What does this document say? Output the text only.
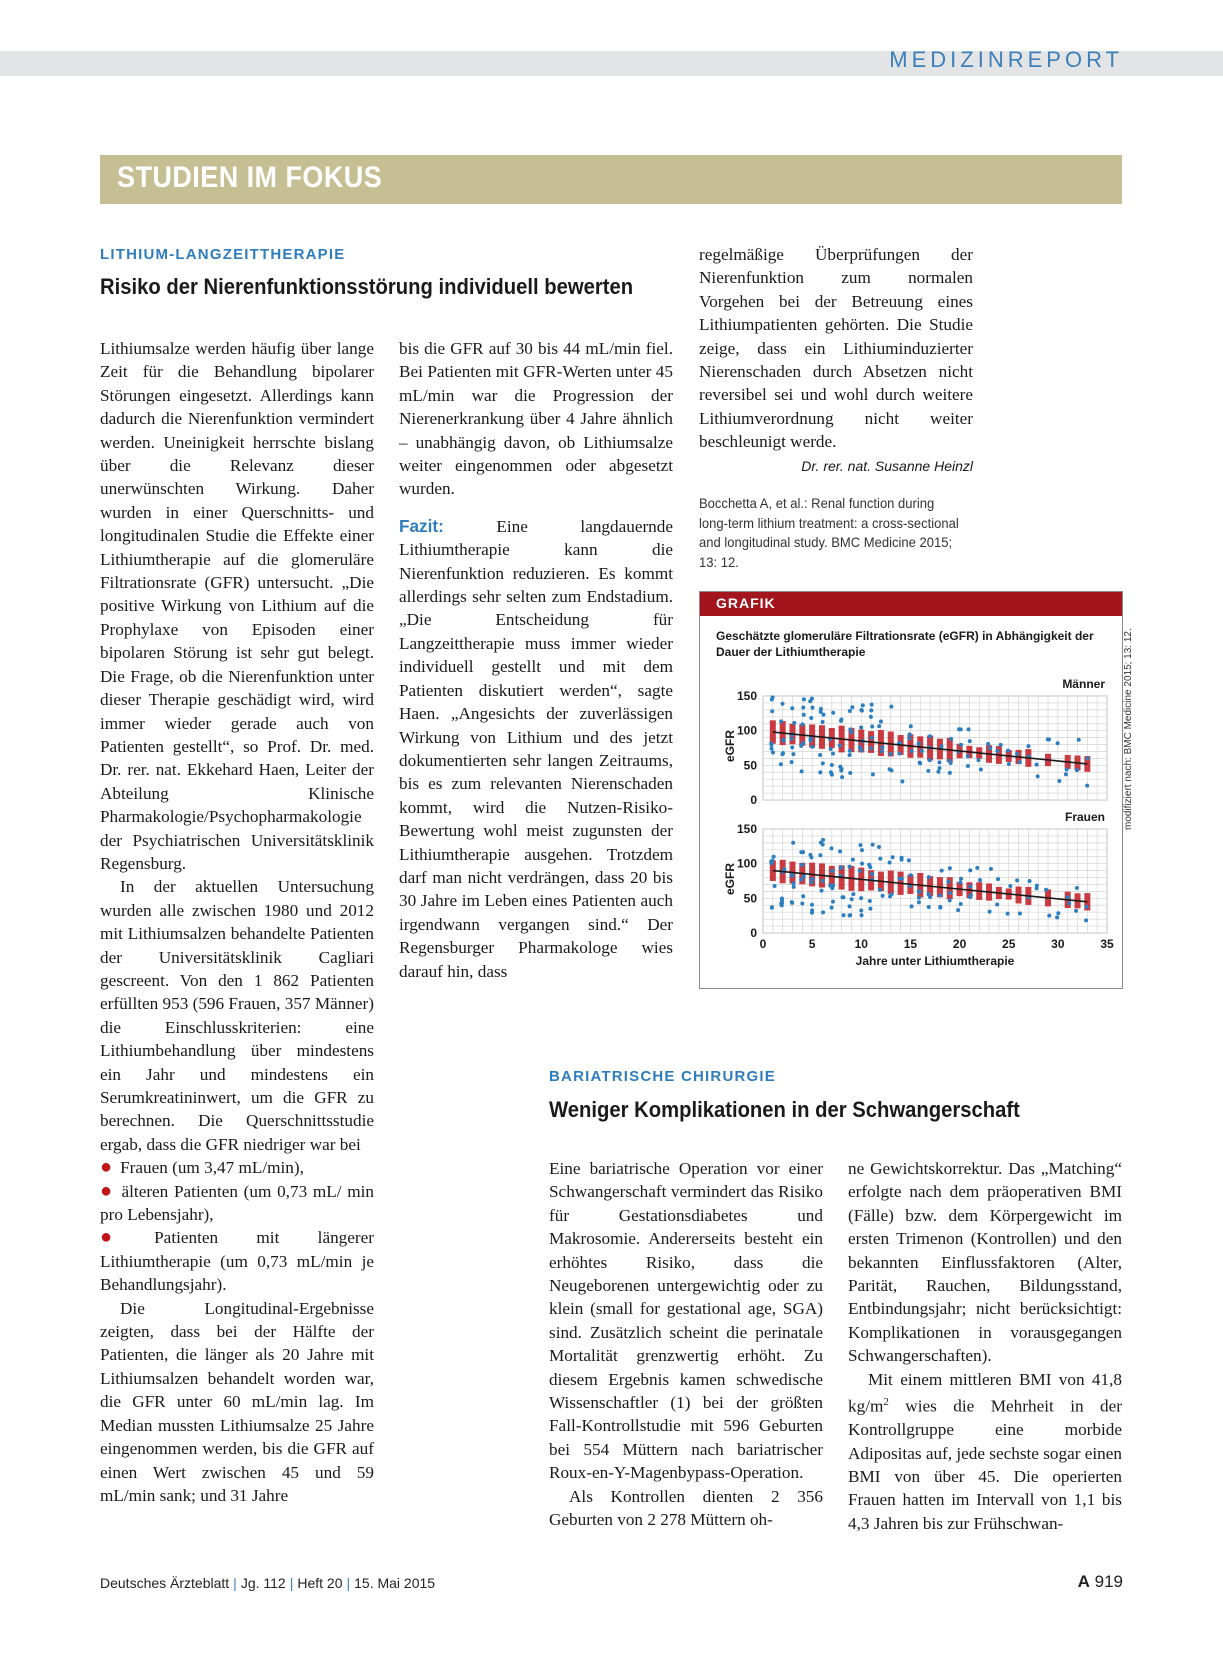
MEDIZINREPORT
STUDIEN IM FOKUS
LITHIUM-LANGZEITTHERAPIE
Risiko der Nierenfunktionsstörung individuell bewerten

Lithiumsalze werden häufig über lange Zeit für die Behandlung bipolarer Störungen eingesetzt. Allerdings kann dadurch die Nierenfunktion vermindert werden. Uneinigkeit herrschte bislang über die Relevanz dieser unerwünschten Wirkung. Daher wurden in einer Querschnitts- und longitudinalen Studie die Effekte einer Lithiumtherapie auf die glomeruläre Filtrationsrate (GFR) untersucht. „Die positive Wirkung von Lithium auf die Prophylaxe von Episoden einer bipolaren Störung ist sehr gut belegt. Die Frage, ob die Nierenfunktion unter dieser Therapie geschädigt wird, wird immer wieder gerade auch von Patienten gestellt“, so Prof. Dr. med. Dr. rer. nat. Ekkehard Haen, Leiter der Abteilung Klinische Pharmakologie/Psychopharmakologie der Psychiatrischen Universitätsklinik Regensburg.

In der aktuellen Untersuchung wurden alle zwischen 1980 und 2012 mit Lithiumsalzen behandelte Patienten der Universitätsklinik Cagliari gescreent. Von den 1 862 Patienten erfüllten 953 (596 Frauen, 357 Männer) die Einschlusskriterien: eine Lithiumbehandlung über mindestens ein Jahr und mindestens ein Serumkreatininwert, um die GFR zu berechnen. Die Querschnittsstudie ergab, dass die GFR niedriger war bei

● Frauen (um 3,47 mL/min),

● älteren Patienten (um 0,73 mL/ min pro Lebensjahr),

● Patienten mit längerer Lithiumtherapie (um 0,73 mL/min je Behandlungsjahr).

Die Longitudinal-Ergebnisse zeigten, dass bei der Hälfte der Patienten, die länger als 20 Jahre mit Lithiumsalzen behandelt worden war, die GFR unter 60 mL/min lag. Im Median mussten Lithiumsalze 25 Jahre eingenommen werden, bis die GFR auf einen Wert zwischen 45 und 59 mL/min sank; und 31 Jahre

bis die GFR auf 30 bis 44 mL/min fiel. Bei Patienten mit GFR-Werten unter 45 mL/min war die Progression der Nierenerkrankung über 4 Jahre ähnlich – unabhängig davon, ob Lithiumsalze weiter eingenommen oder abgesetzt wurden.

Fazit:	Eine langdauernde Lithiumtherapie kann die Nierenfunktion reduzieren. Es kommt allerdings sehr selten zum Endstadium. „Die Entscheidung für Langzeittherapie muss immer wieder individuell gestellt und mit dem Patienten diskutiert werden“, sagte Haen. „Angesichts der zuverlässigen Wirkung von Lithium und des jetzt dokumentierten sehr langen Zeitraums, bis es zum relevanten Nierenschaden kommt, wird die Nutzen-Risiko-Bewertung wohl meist zugunsten der Lithiumtherapie ausgehen. Trotzdem darf man nicht verdrängen, dass 20 bis 30 Jahre im Leben eines Patienten auch irgendwann vergangen sind.“ Der Regensburger Pharmakologe wies darauf hin, dass

regelmäßige Überprüfungen der Nierenfunktion zum normalen Vorgehen bei der Betreuung eines Lithiumpatienten gehörten. Die Studie zeige, dass ein Lithiuminduzierter Nierenschaden durch Absetzen nicht reversibel sei und wohl durch weitere Lithiumverordnung nicht weiter beschleunigt werde.

Dr. rer. nat. Susanne Heinzl
Bocchetta A, et al.: Renal function during long-term lithium treatment: a cross-sectional and longitudinal study. BMC Medicine 2015; 13: 12.
0
50
100
150
eGFR
Männer
0
50
100
150
eGFR
Frauen
0	5	10	15	20	25	30	35
Jahre unter Lithiumtherapie
GRAFIK
Geschätzte glomeruläre Filtrationsrate (eGFR) in Abhängigkeit der Dauer der Lithiumtherapie	modifiziert nach: BMC Medicine 2015; 13: 12.
BARIATRISCHE CHIRURGIE
Weniger Komplikationen in der Schwangerschaft

Eine bariatrische Operation vor einer Schwangerschaft vermindert das Risiko für Gestationsdiabetes und Makrosomie. Andererseits besteht ein erhöhtes Risiko, dass die Neugeborenen untergewichtig oder zu klein (small for gestational age, SGA) sind. Zusätzlich scheint die perinatale Mortalität grenzwertig erhöht. Zu diesem Ergebnis kamen schwedische Wissenschaftler (1) bei der größten Fall-Kontrollstudie mit 596 Geburten bei 554 Müttern nach bariatrischer Roux-en-Y-Magenbypass-Operation.

Als Kontrollen dienten 2 356 Geburten von 2 278 Müttern oh-

ne Gewichtskorrektur. Das „Matching“ erfolgte nach dem präoperativen BMI (Fälle) bzw. dem Körpergewicht im ersten Trimenon (Kontrollen) und den bekannten Einflussfaktoren (Alter, Parität, Rauchen, Bildungsstand, Entbindungsjahr; nicht berücksichtigt: Komplikationen in vorausgegangen Schwangerschaften).

Mit einem mittleren BMI von 41,8 $kg/m^2$ wies die Mehrheit in der Kontrollgruppe eine morbide Adipositas auf, jede sechste sogar einen BMI von über 45. Die operierten Frauen hatten im Intervall von 1,1 bis 4,3 Jahren bis zur Frühschwan-

Deutsches Ärzteblatt | Jg. 112 | Heft 20 | 15. Mai 2015	A 919
